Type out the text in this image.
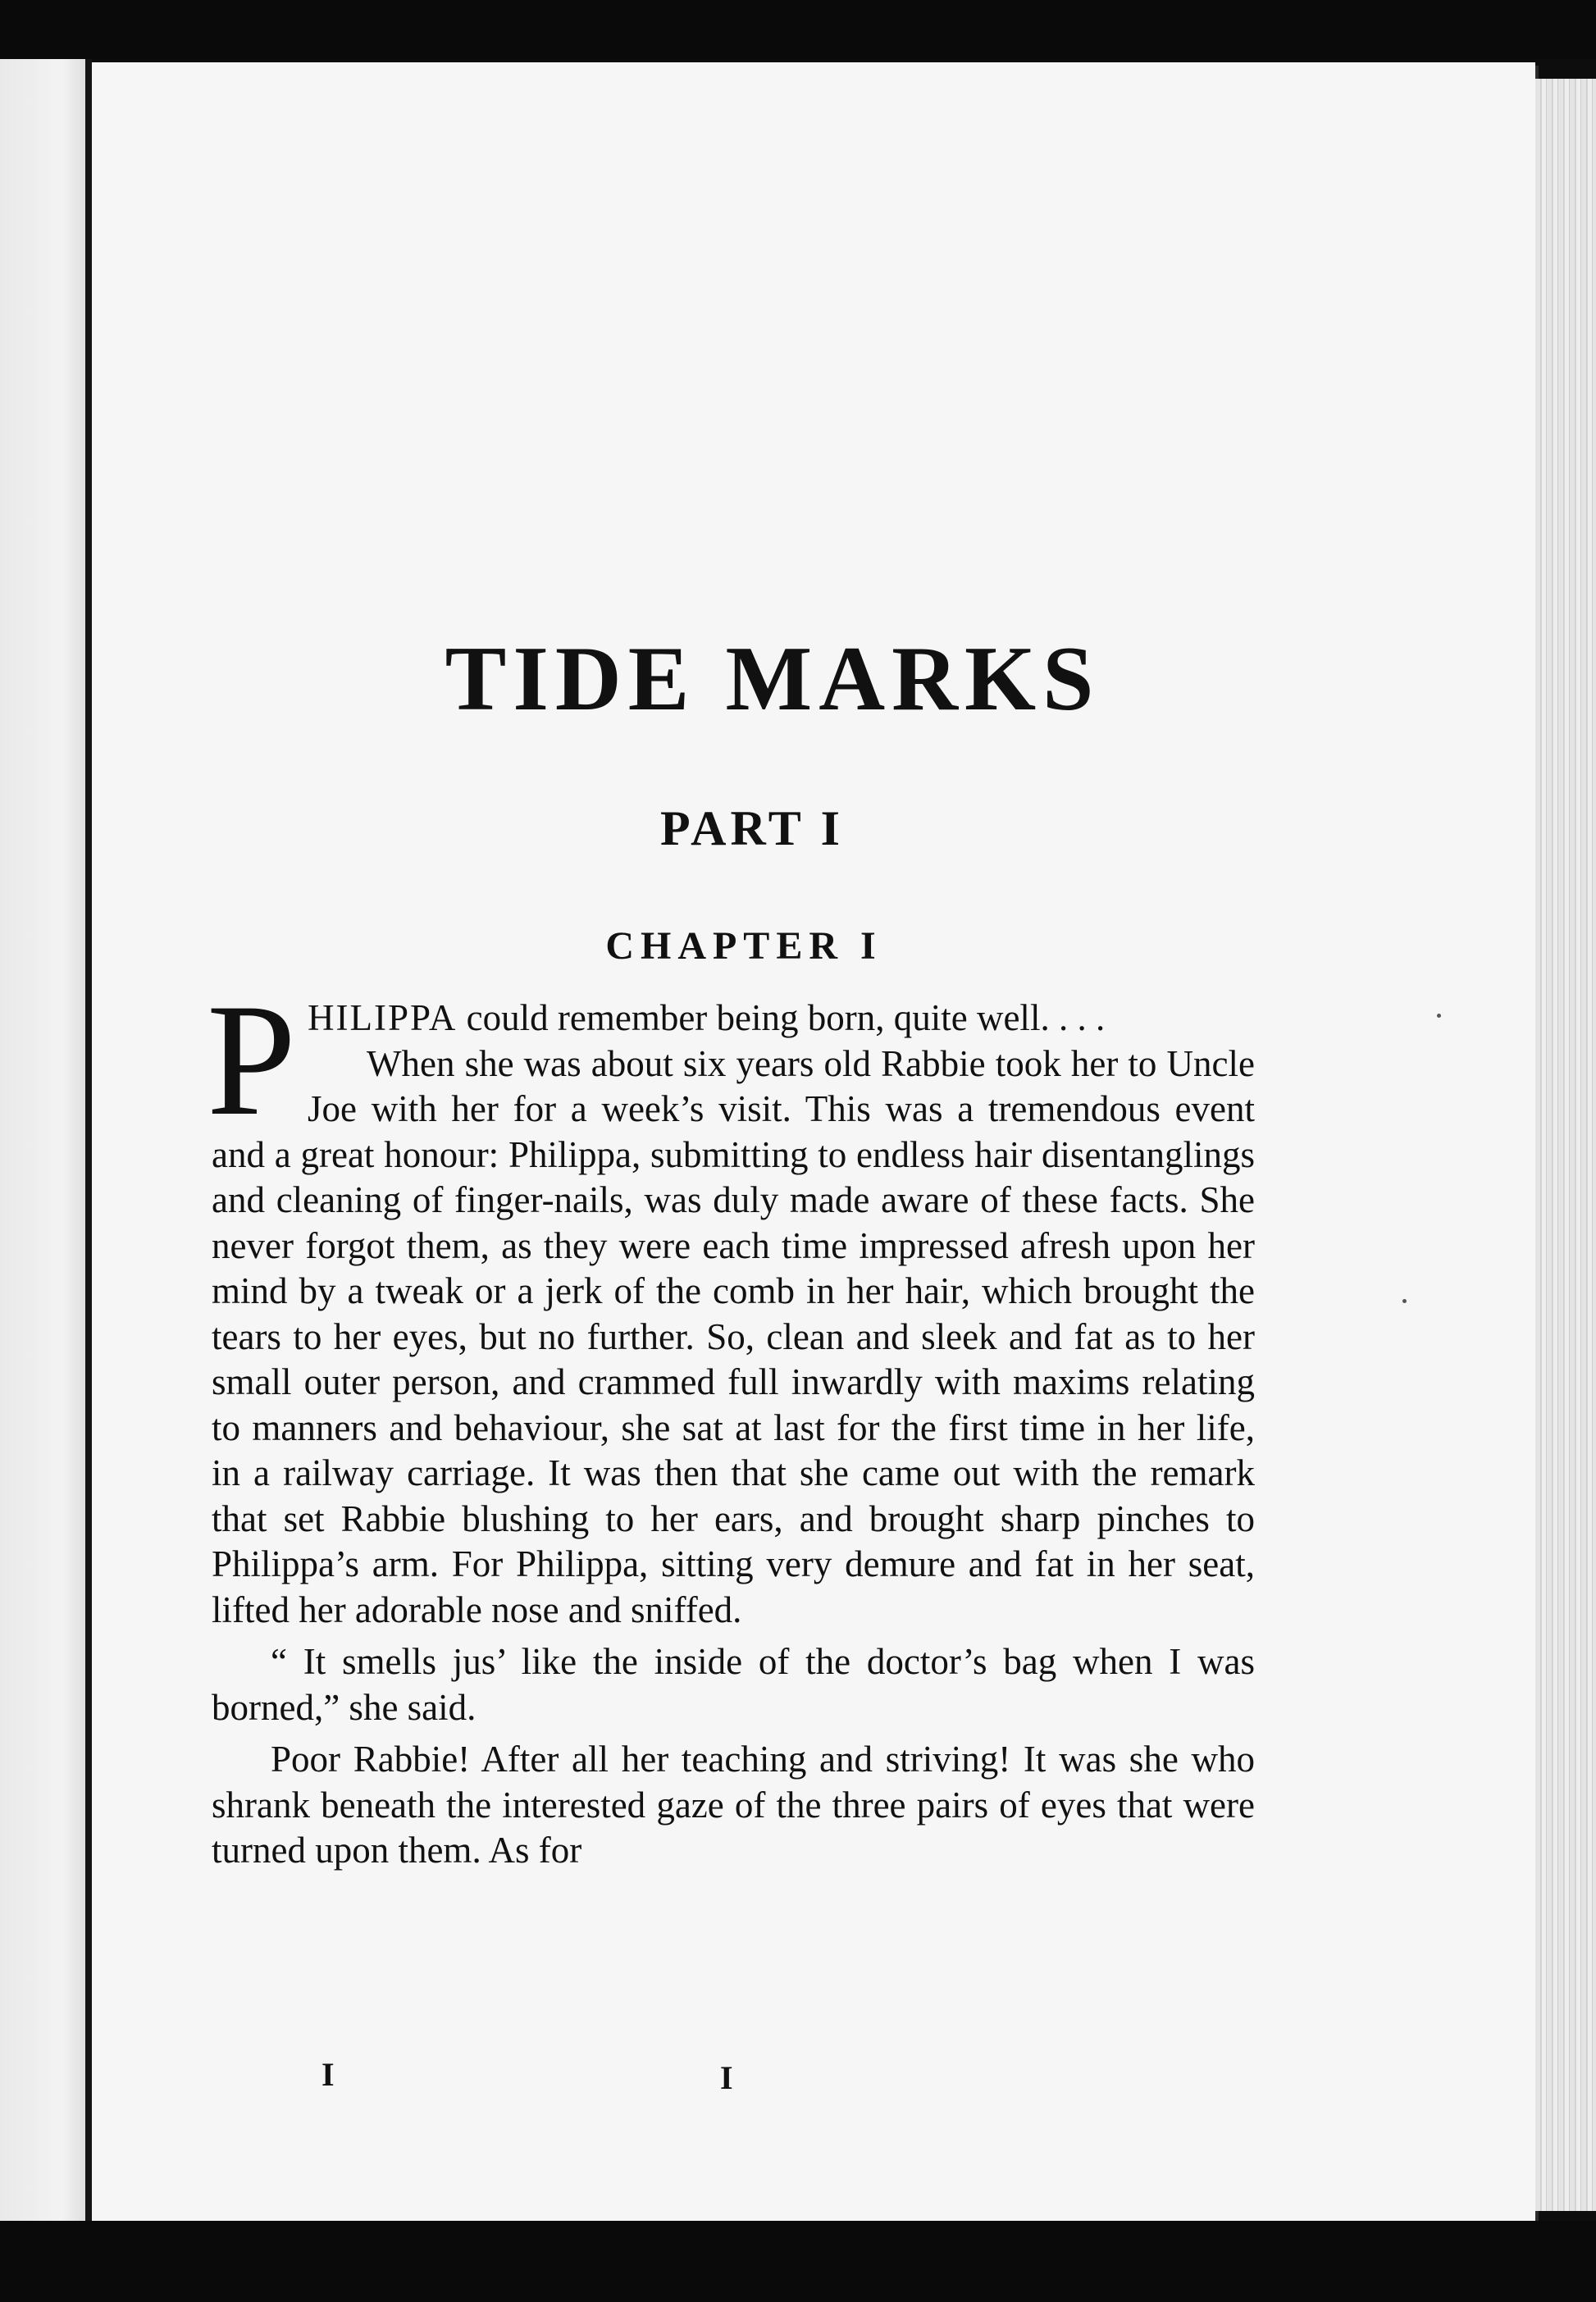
TIDE MARKS
PART I
CHAPTER I

PHILIPPA could remember being born, quite well. . . .

When she was about six years old Rabbie took her to Uncle Joe with her for a week’s visit. This was a tremendous event and a great honour: Philippa, submitting to endless hair disentanglings and cleaning of finger-nails, was duly made aware of these facts. She never forgot them, as they were each time impressed afresh upon her mind by a tweak or a jerk of the comb in her hair, which brought the tears to her eyes, but no further. So, clean and sleek and fat as to her small outer person, and crammed full inwardly with maxims relating to manners and behaviour, she sat at last for the first time in her life, in a railway carriage. It was then that she came out with the remark that set Rabbie blushing to her ears, and brought sharp pinches to Philippa’s arm. For Philippa, sitting very demure and fat in her seat, lifted her adorable nose and sniffed.

“ It smells jus’ like the inside of the doctor’s bag when I was borned,” she said.

Poor Rabbie! After all her teaching and striving! It was she who shrank beneath the interested gaze of the three pairs of eyes that were turned upon them. As for

I	I
